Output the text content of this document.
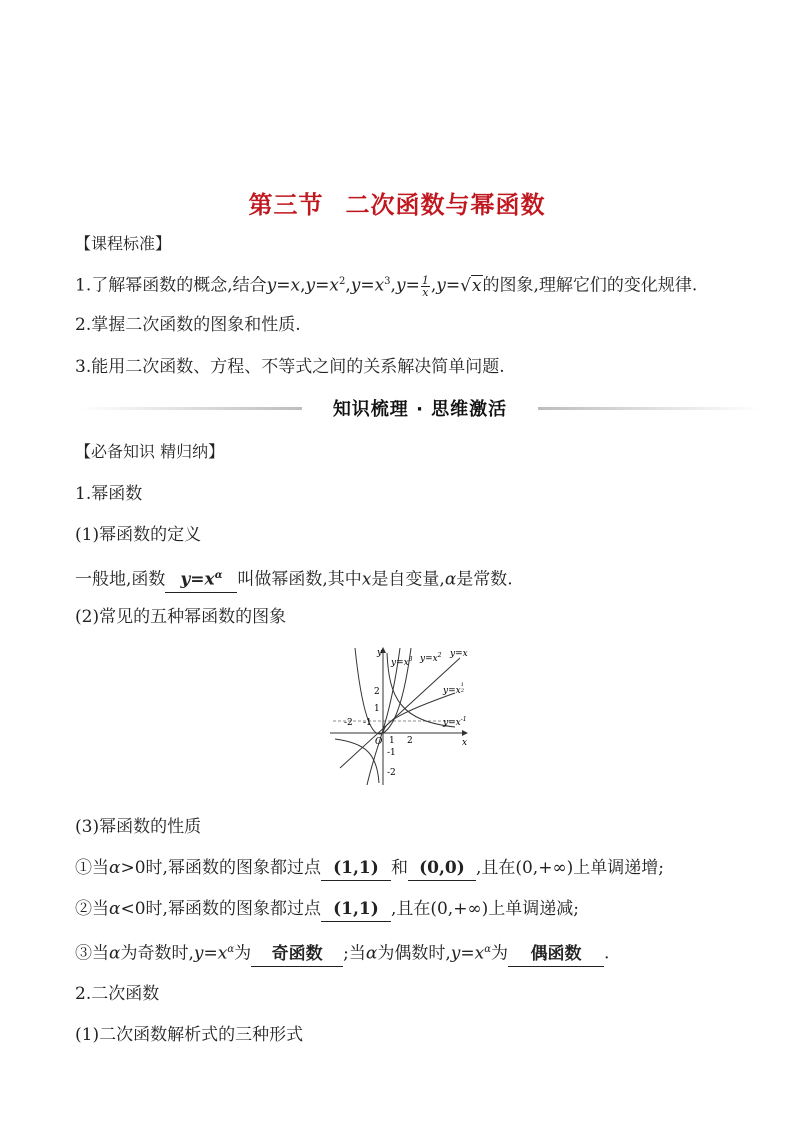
第三节 二次函数与幂函数
【课程标准】
1.了解幂函数的概念,结合$y=x,y=x^2,y=x^3,y= \frac{1}{x} ,y=√x$的图象,理解它们的变化规律.
2.掌握二次函数的图象和性质.
3.能用二次函数、方程、不等式之间的关系解决简单问题.
知识梳理 · 思维激活
【必备知识 精归纳】
1.幂函数
(1)幂函数的定义
一般地,函数 $y=x^\alpha$ 叫做幂函数,其中x是自变量,α是常数.
(2)常见的五种幂函数的图象
y
x
O
-2 -1
1 2
2
1
-1
-2
$y=x^3$ $y=x^2$ y=x
$y=x^1$ 2
$y=x^{-1}$
(3)幂函数的性质
①当α>0时,幂函数的图象都过点 (1,1) 和 (0,0) ,且在(0,+∞)上单调递增;
②当α<0时,幂函数的图象都过点 (1,1) ,且在(0,+∞)上单调递减;
③当α为奇数时$,y=x^\alpha$为 奇函数 ;当α为偶数时$,y=x^\alpha$为 偶函数 .
2.二次函数
(1)二次函数解析式的三种形式
